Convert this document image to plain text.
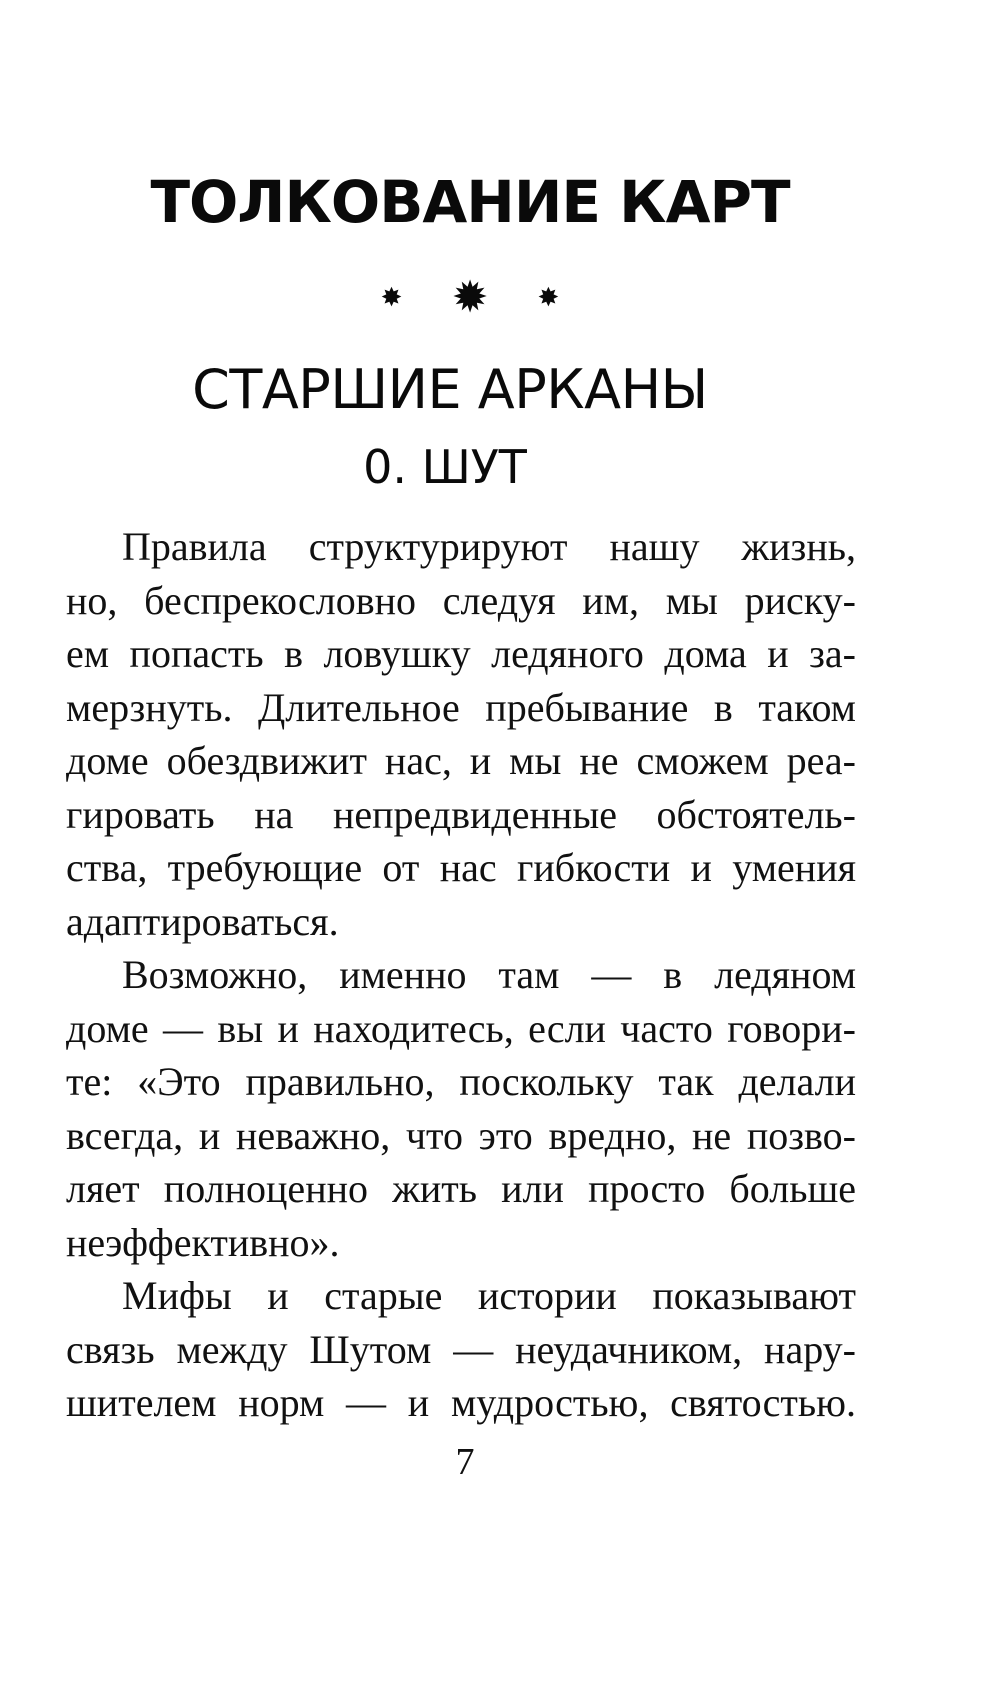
ТОЛКОВАНИЕ КАРТ
✸ ✹ ✸
СТАРШИЕ АРКАНЫ
0. ШУТ
Правила структурируют нашу жизнь,
но, беспрекословно следуя им, мы риску-
ем попасть в ловушку ледяного дома и за-
мерзнуть. Длительное пребывание в таком
доме обездвижит нас, и мы не сможем реа-
гировать на непредвиденные обстоятель-
ства, требующие от нас гибкости и умения
адаптироваться.
Возможно, именно там — в ледяном
доме — вы и находитесь, если часто говори-
те: «Это правильно, поскольку так делали
всегда, и неважно, что это вредно, не позво-
ляет полноценно жить или просто больше
неэффективно».
Мифы и старые истории показывают
связь между Шутом — неудачником, нару-
шителем норм — и мудростью, святостью.
7
